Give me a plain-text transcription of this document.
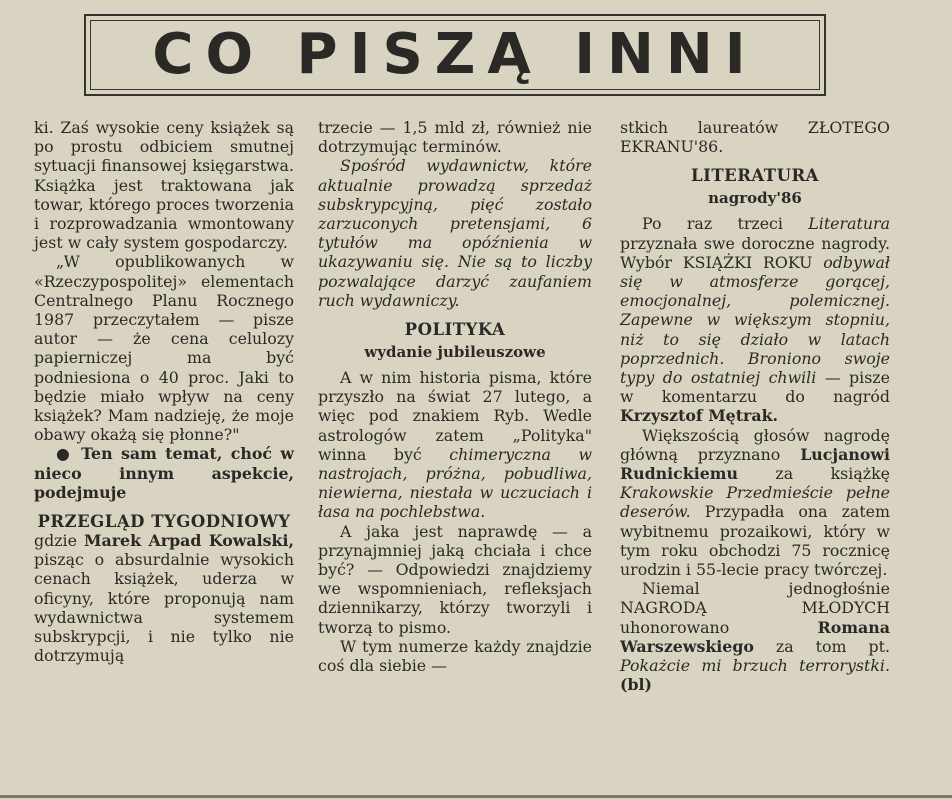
CO PISZĄ INNI

ki. Zaś wysokie ceny książek są po prostu odbiciem smutnej sytuacji finansowej księgarstwa. Książka jest traktowana jak towar, którego proces tworzenia i rozprowadzania wmontowany jest w cały system gospodarczy.

„W opublikowanych w «Rzeczypospolitej» elementach Centralnego Planu Rocznego 1987 przeczytałem — pisze autor — że cena celulozy papierniczej ma być podniesiona o 40 proc. Jaki to będzie miało wpływ na ceny książek? Mam nadzieję, że moje obawy okażą się płonne?"

● Ten sam temat, choć w nieco innym aspekcie, podejmuje

PRZEGLĄD TYGODNIOWY

gdzie Marek Arpad Kowalski, pisząc o absurdalnie wysokich cenach książek, uderza w oficyny, które proponują nam wydawnictwa systemem subskrypcji, i nie tylko nie dotrzymują

trzecie — 1,5 mld zł, również nie dotrzymując terminów.

Spośród wydawnictw, które aktualnie prowadzą sprzedaż subskrypcyjną, pięć zostało zarzuconych pretensjami, 6 tytułów ma opóźnienia w ukazywaniu się. Nie są to liczby pozwalające darzyć zaufaniem ruch wydawniczy.

POLITYKA
wydanie jubileuszowe

A w nim historia pisma, które przyszło na świat 27 lutego, a więc pod znakiem Ryb. Wedle astrologów zatem „Polityka" winna być chimeryczna w nastrojach, próżna, pobudliwa, niewierna, niestała w uczuciach i łasa na pochlebstwa.

A jaka jest naprawdę — a przynajmniej jaką chciała i chce być? — Odpowiedzi znajdziemy we wspomnieniach, refleksjach dziennikarzy, którzy tworzyli i tworzą to pismo.

W tym numerze każdy znajdzie coś dla siebie —

stkich laureatów ZŁOTEGO EKRANU'86.

LITERATURA
nagrody'86

Po raz trzeci Literatura przyznała swe doroczne nagrody. Wybór KSIĄŻKI ROKU odbywał się w atmosferze gorącej, emocjonalnej, polemicznej. Zapewne w większym stopniu, niż to się działo w latach poprzednich. Broniono swoje typy do ostatniej chwili — pisze w komentarzu do nagród Krzysztof Mętrak.

Większością głosów nagrodę główną przyznano Lucjanowi Rudnickiemu za książkę Krakowskie Przedmieście pełne deserów. Przypadła ona zatem wybitnemu prozaikowi, który w tym roku obchodzi 75 rocznicę urodzin i 55-lecie pracy twórczej.

Niemal jednogłośnie NAGRODĄ MŁODYCH uhonorowano Romana Warszewskiego za tom pt. Pokażcie mi brzuch terrorystki. (bl)
